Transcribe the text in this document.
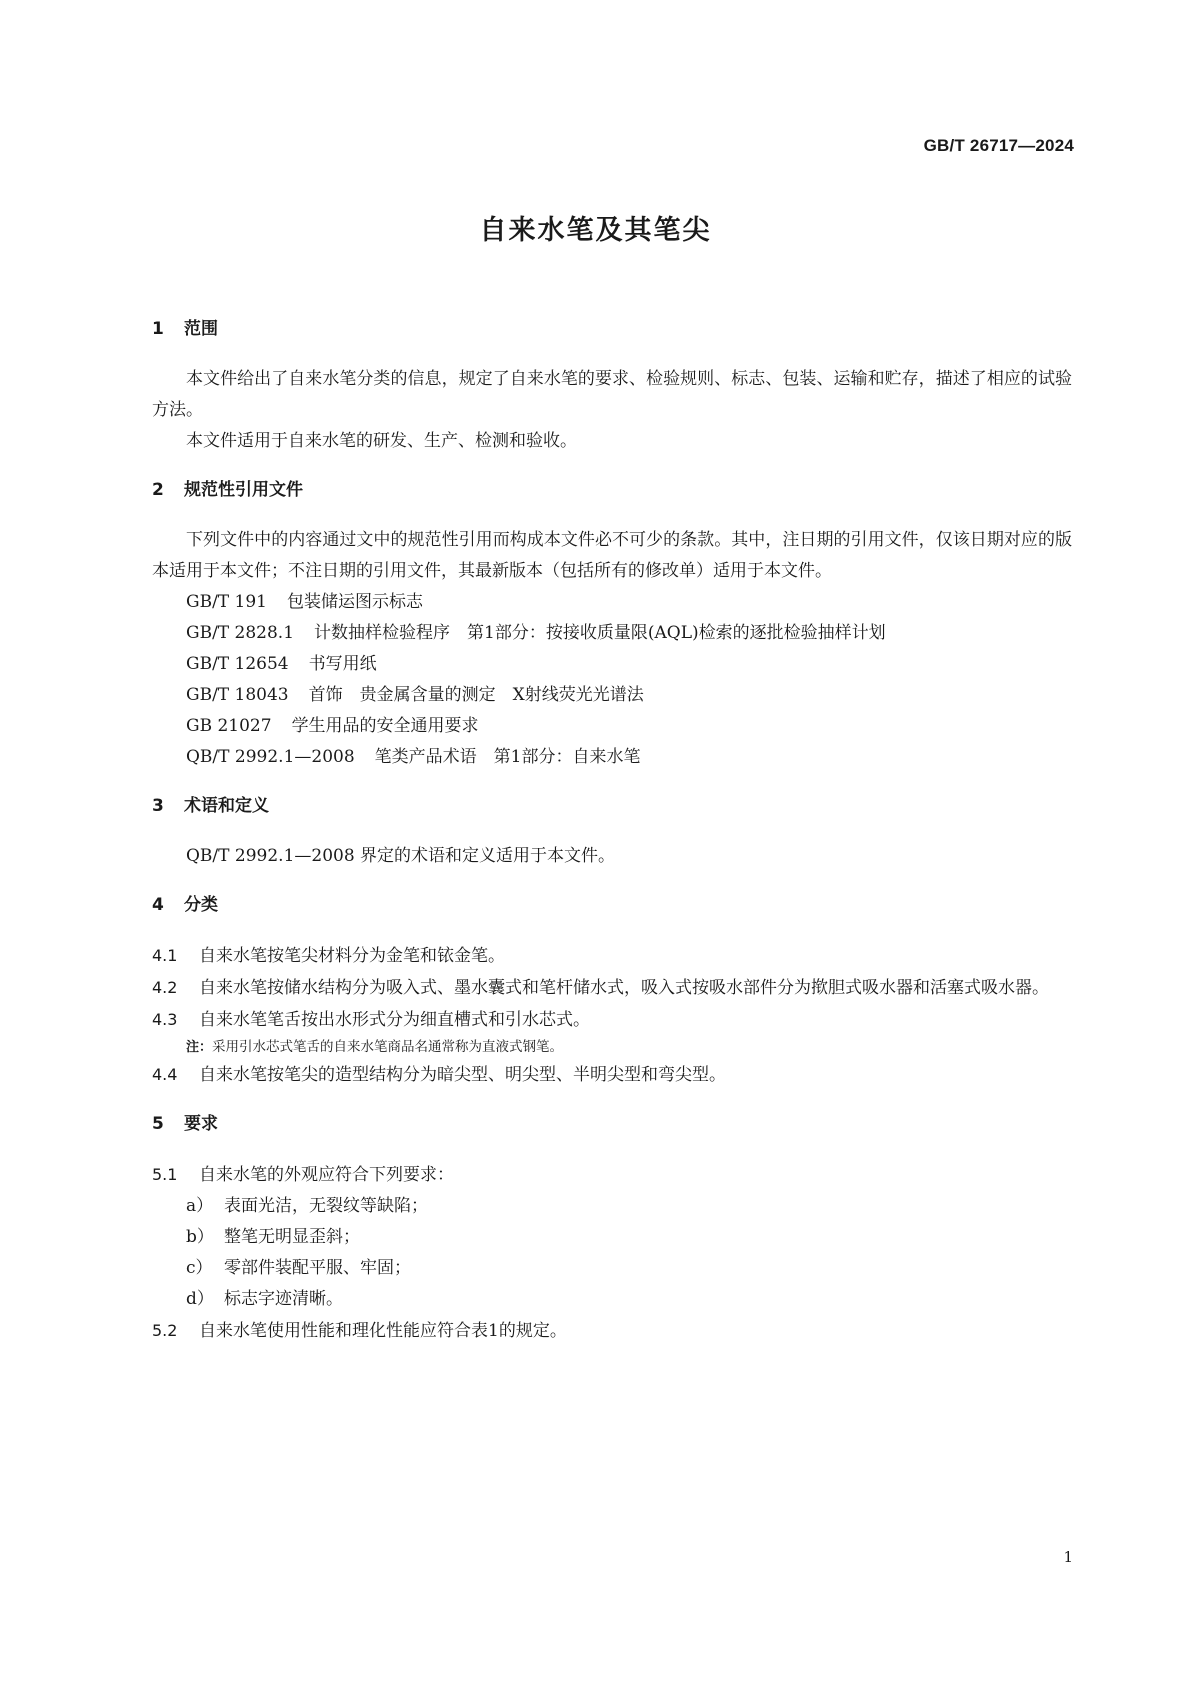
GB/T 26717—2024
自来水笔及其笔尖
1 范围

本文件给出了自来水笔分类的信息，规定了自来水笔的要求、检验规则、标志、包装、运输和贮存，描述了相应的试验方法。

本文件适用于自来水笔的研发、生产、检测和验收。

2 规范性引用文件

下列文件中的内容通过文中的规范性引用而构成本文件必不可少的条款。其中，注日期的引用文件，仅该日期对应的版本适用于本文件；不注日期的引用文件，其最新版本（包括所有的修改单）适用于本文件。

GB/T 191 包装储运图示标志

GB/T 2828.1 计数抽样检验程序　第1部分：按接收质量限(AQL)检索的逐批检验抽样计划

GB/T 12654 书写用纸

GB/T 18043 首饰　贵金属含量的测定　X射线荧光光谱法

GB 21027 学生用品的安全通用要求

QB/T 2992.1—2008 笔类产品术语　第1部分：自来水笔

3 术语和定义

QB/T 2992.1—2008 界定的术语和定义适用于本文件。

4 分类

4.1 自来水笔按笔尖材料分为金笔和铱金笔。

4.2 自来水笔按储水结构分为吸入式、墨水囊式和笔杆储水式，吸入式按吸水部件分为揿胆式吸水器和活塞式吸水器。

4.3 自来水笔笔舌按出水形式分为细直槽式和引水芯式。

注：采用引水芯式笔舌的自来水笔商品名通常称为直液式钢笔。

4.4 自来水笔按笔尖的造型结构分为暗尖型、明尖型、半明尖型和弯尖型。

5 要求

5.1 自来水笔的外观应符合下列要求：

a） 表面光洁，无裂纹等缺陷；

b） 整笔无明显歪斜；

c） 零部件装配平服、牢固；

d） 标志字迹清晰。

5.2 自来水笔使用性能和理化性能应符合表1的规定。

1
